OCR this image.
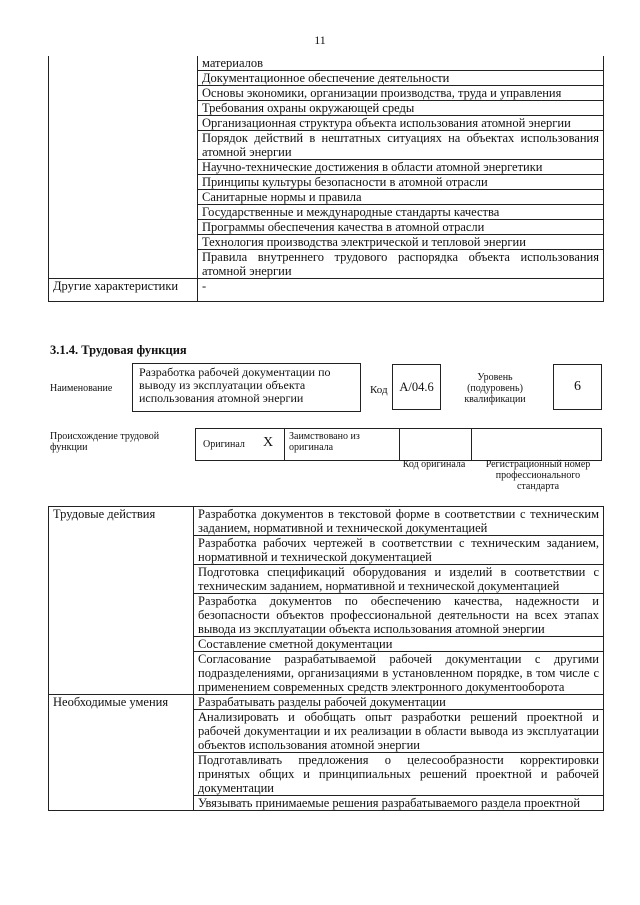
11
	материалов
	Документационное обеспечение деятельности
	Основы экономики, организации производства, труда и управления
	Требования охраны окружающей среды
	Организационная структура объекта использования атомной энергии
	Порядок действий в нештатных ситуациях на объектах использования атомной энергии
	Научно-технические достижения в области атомной энергетики
	Принципы культуры безопасности в атомной отрасли
	Санитарные нормы и правила
	Государственные и международные стандарты качества
	Программы обеспечения качества в атомной отрасли
	Технология производства электрической и тепловой энергии
	Правила внутреннего трудового распорядка объекта использования атомной энергии
Другие характеристики	-
3.1.4. Трудовая функция
Наименование
Разработка рабочей документации по выводу из эксплуатации объекта использования атомной энергии
Код A/04.6
Уровень (подуровень) квалификации
6
Происхождение трудовой функции	Оригинал X Заимствовано из оригинала
Код оригинала	Регистрационный номер профессионального стандарта
Трудовые действия	Разработка документов в текстовой форме в соответствии с техническим заданием, нормативной и технической документацией
	Разработка рабочих чертежей в соответствии с техническим заданием, нормативной и технической документацией
	Подготовка спецификаций оборудования и изделий в соответствии с техническим заданием, нормативной и технической документацией
	Разработка документов по обеспечению качества, надежности и безопасности объектов профессиональной деятельности на всех этапах вывода из эксплуатации объекта использования атомной энергии
	Составление сметной документации
	Согласование разрабатываемой рабочей документации с другими подразделениями, организациями в установленном порядке, в том числе с применением современных средств электронного документооборота
Необходимые умения	Разрабатывать разделы рабочей документации
	Анализировать и обобщать опыт разработки решений проектной и рабочей документации и их реализации в области вывода из эксплуатации объектов использования атомной энергии
	Подготавливать предложения о целесообразности корректировки принятых общих и принципиальных решений проектной и рабочей документации
	Увязывать принимаемые решения разрабатываемого раздела проектной
